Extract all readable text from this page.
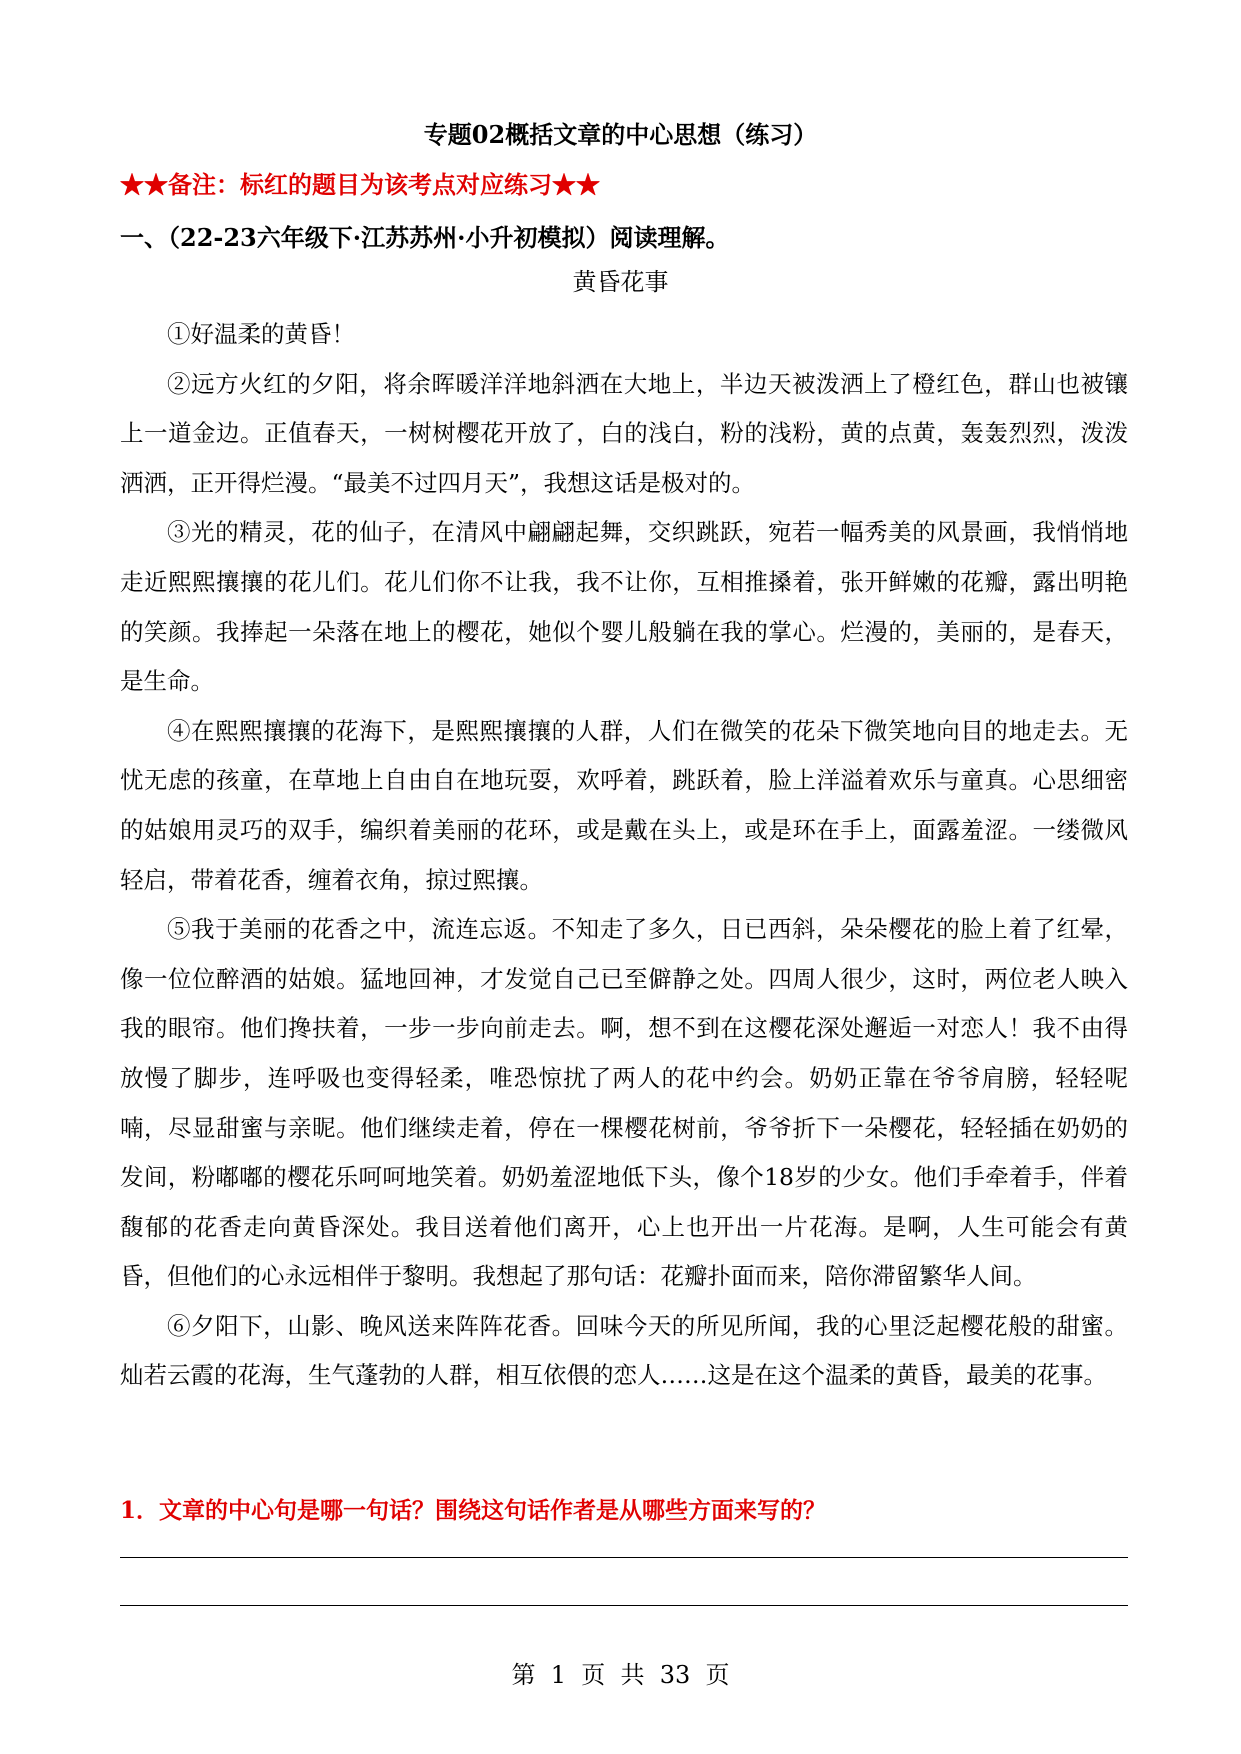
专题02概括文章的中心思想（练习）
★★备注：标红的题目为该考点对应练习★★
一、（22-23六年级下·江苏苏州·小升初模拟）阅读理解。
黄昏花事

①好温柔的黄昏！

②远方火红的夕阳，将余晖暖洋洋地斜洒在大地上，半边天被泼洒上了橙红色，群山也被镶上一道金边。正值春天，一树树樱花开放了，白的浅白，粉的浅粉，黄的点黄，轰轰烈烈，泼泼洒洒，正开得烂漫。“最美不过四月天”，我想这话是极对的。

③光的精灵，花的仙子，在清风中翩翩起舞，交织跳跃，宛若一幅秀美的风景画，我悄悄地走近熙熙攘攘的花儿们。花儿们你不让我，我不让你，互相推搡着，张开鲜嫩的花瓣，露出明艳的笑颜。我捧起一朵落在地上的樱花，她似个婴儿般躺在我的掌心。烂漫的，美丽的，是春天，是生命。

④在熙熙攘攘的花海下，是熙熙攘攘的人群，人们在微笑的花朵下微笑地向目的地走去。无忧无虑的孩童，在草地上自由自在地玩耍，欢呼着，跳跃着，脸上洋溢着欢乐与童真。心思细密的姑娘用灵巧的双手，编织着美丽的花环，或是戴在头上，或是环在手上，面露羞涩。一缕微风轻启，带着花香，缠着衣角，掠过熙攘。

⑤我于美丽的花香之中，流连忘返。不知走了多久，日已西斜，朵朵樱花的脸上着了红晕，像一位位醉酒的姑娘。猛地回神，才发觉自己已至僻静之处。四周人很少，这时，两位老人映入我的眼帘。他们搀扶着，一步一步向前走去。啊，想不到在这樱花深处邂逅一对恋人！我不由得放慢了脚步，连呼吸也变得轻柔，唯恐惊扰了两人的花中约会。奶奶正靠在爷爷肩膀，轻轻呢喃，尽显甜蜜与亲昵。他们继续走着，停在一棵樱花树前，爷爷折下一朵樱花，轻轻插在奶奶的发间，粉嘟嘟的樱花乐呵呵地笑着。奶奶羞涩地低下头，像个18岁的少女。他们手牵着手，伴着馥郁的花香走向黄昏深处。我目送着他们离开，心上也开出一片花海。是啊，人生可能会有黄昏，但他们的心永远相伴于黎明。我想起了那句话：花瓣扑面而来，陪你滞留繁华人间。

⑥夕阳下，山影、晚风送来阵阵花香。回味今天的所见所闻，我的心里泛起樱花般的甜蜜。灿若云霞的花海，生气蓬勃的人群，相互依偎的恋人……这是在这个温柔的黄昏，最美的花事。

1．文章的中心句是哪一句话？围绕这句话作者是从哪些方面来写的？
第  1  页  共  33  页
